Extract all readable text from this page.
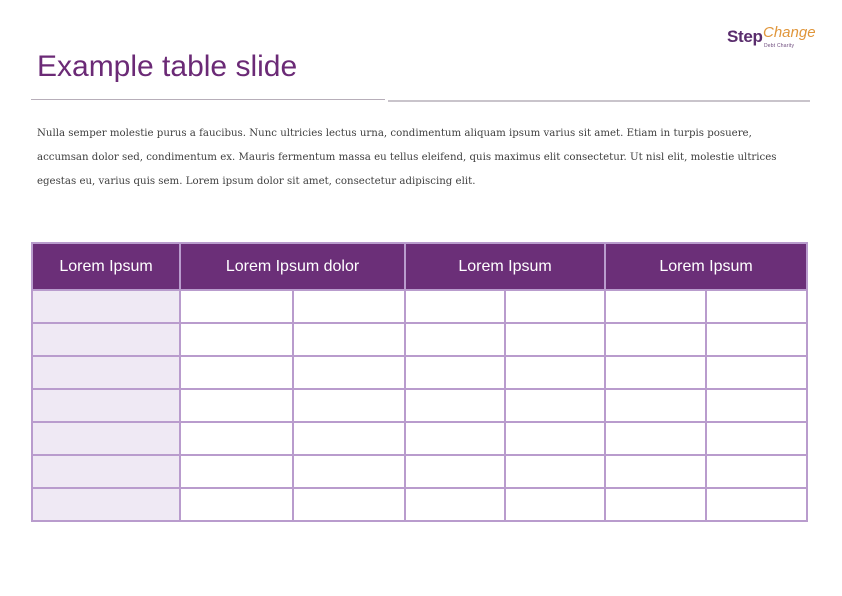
Step Change
Debt Charity
Example table slide

Nulla semper molestie purus a faucibus. Nunc ultricies lectus urna, condimentum aliquam ipsum varius sit amet. Etiam in turpis posuere, accumsan dolor sed, condimentum ex. Mauris fermentum massa eu tellus eleifend, quis maximus elit consectetur. Ut nisl elit, molestie ultrices egestas eu, varius quis sem. Lorem ipsum dolor sit amet, consectetur adipiscing elit.

Lorem Ipsum	Lorem Ipsum dolor		Lorem Ipsum		Lorem Ipsum	
